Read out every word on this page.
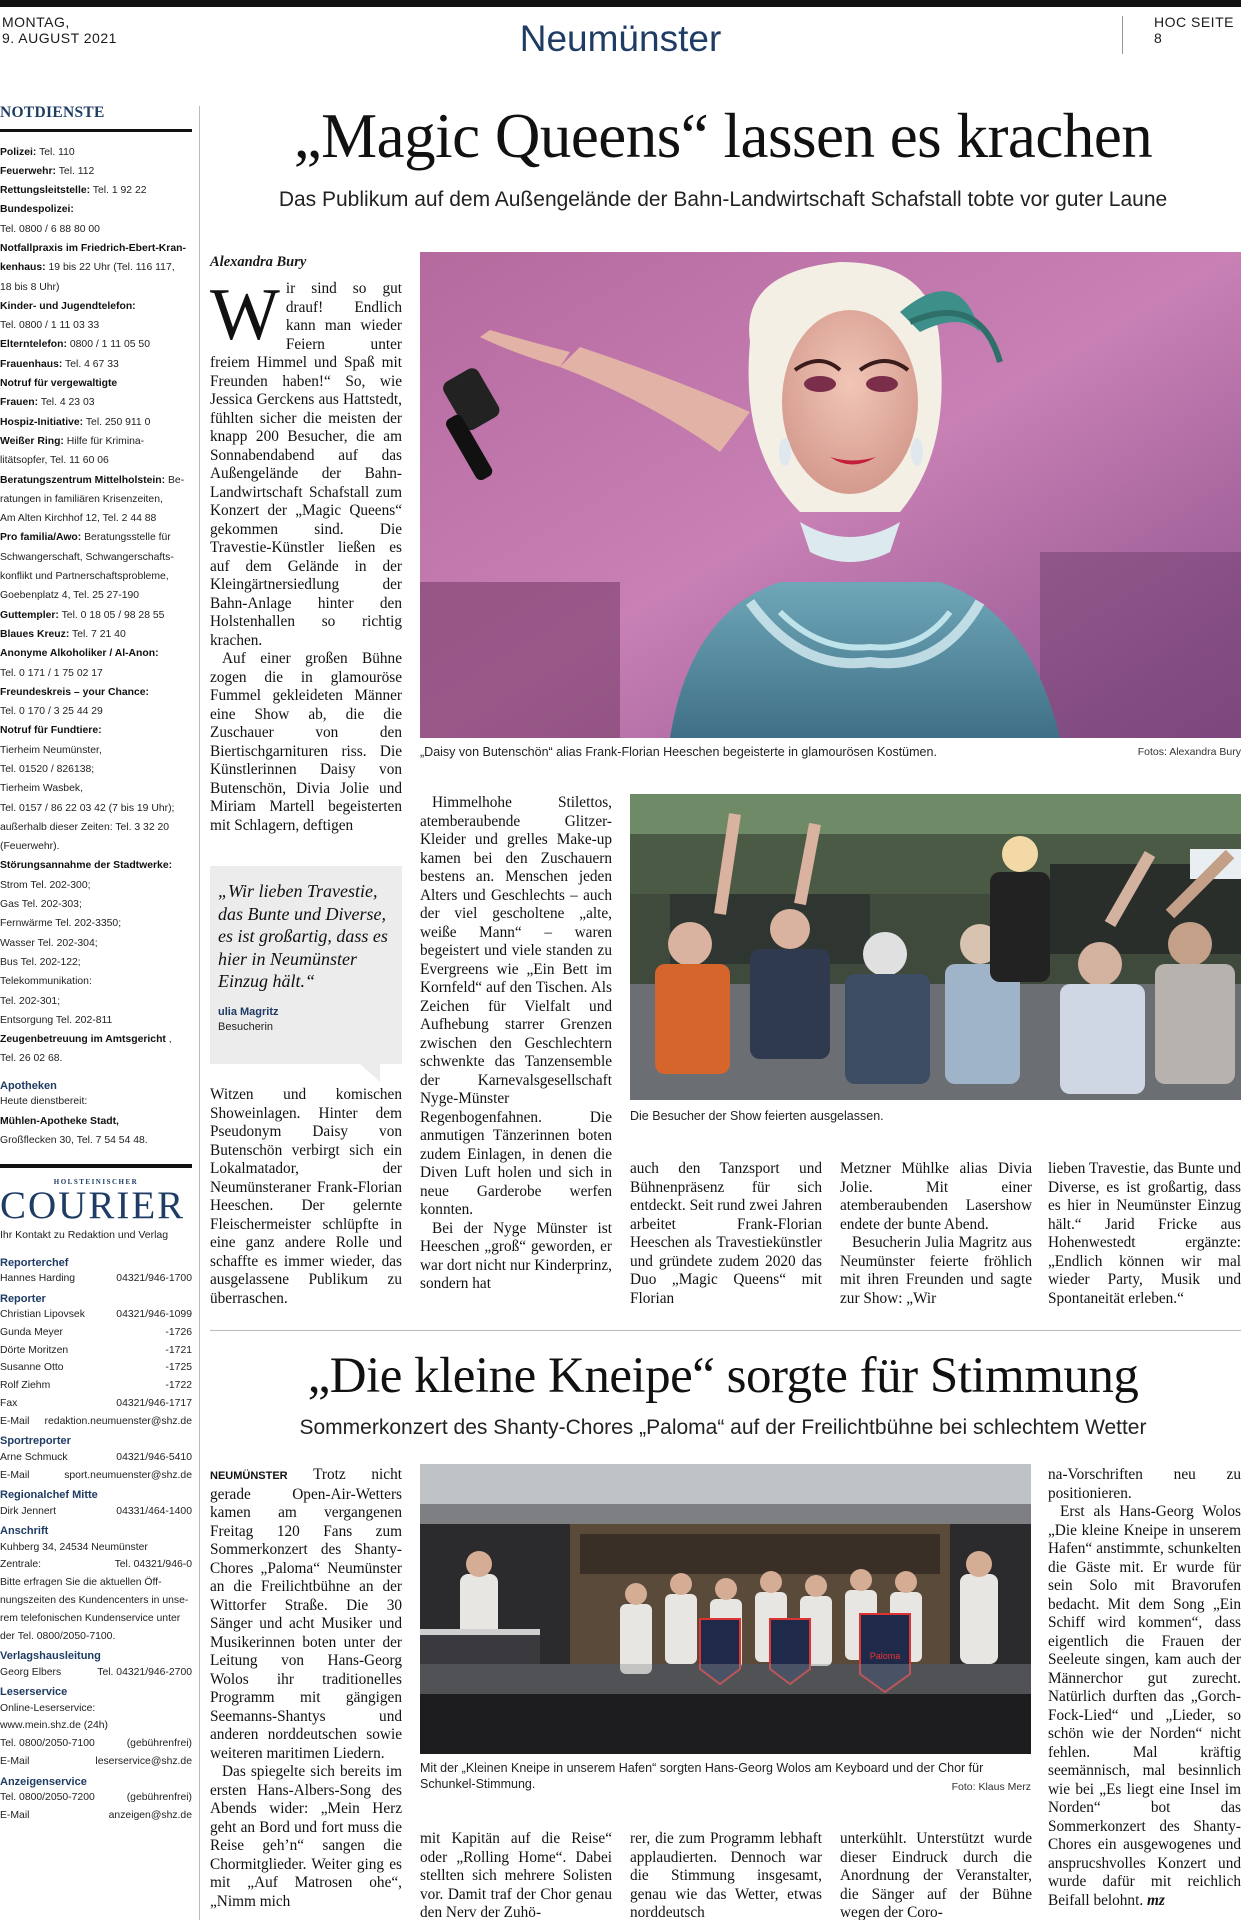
MONTAG,
9. AUGUST 2021	Neumünster	HOC SEITE 8
NOTDIENSTE
Polizei: Tel. 110
Feuerwehr: Tel. 112
Rettungsleitstelle: Tel. 1 92 22
Bundespolizei:
Tel. 0800 / 6 88 80 00
Notfallpraxis im Friedrich-Ebert-Kran-
kenhaus: 19 bis 22 Uhr (Tel. 116 117,
18 bis 8 Uhr)
Kinder- und Jugendtelefon:
Tel. 0800 / 1 11 03 33
Elterntelefon: 0800 / 1 11 05 50
Frauenhaus: Tel. 4 67 33
Notruf für vergewaltigte
Frauen: Tel. 4 23 03
Hospiz-Initiative: Tel. 250 911 0
Weißer Ring: Hilfe für Krimina-
litätsopfer, Tel. 11 60 06
Beratungszentrum Mittelholstein: Be-
ratungen in familiären Krisenzeiten,
Am Alten Kirchhof 12, Tel. 2 44 88
Pro familia/Awo: Beratungsstelle für
Schwangerschaft, Schwangerschafts-
konflikt und Partnerschaftsprobleme,
Goebenplatz 4, Tel. 25 27-190
Guttempler: Tel. 0 18 05 / 98 28 55
Blaues Kreuz: Tel. 7 21 40
Anonyme Alkoholiker / Al-Anon:
Tel. 0 171 / 1 75 02 17
Freundeskreis – your Chance:
Tel. 0 170 / 3 25 44 29
Notruf für Fundtiere:
Tierheim Neumünster,
Tel. 01520 / 826138;
Tierheim Wasbek,
Tel. 0157 / 86 22 03 42 (7 bis 19 Uhr);
außerhalb dieser Zeiten: Tel. 3 32 20
(Feuerwehr).
Störungsannahme der Stadtwerke:
Strom Tel. 202-300;
Gas Tel. 202-303;
Fernwärme Tel. 202-3350;
Wasser Tel. 202-304;
Bus Tel. 202-122;
Telekommunikation:
Tel. 202-301;
Entsorgung Tel. 202-811
Zeugenbetreuung im Amtsgericht ,
Tel. 26 02 68.
Apotheken
Heute dienstbereit:
Mühlen-Apotheke Stadt,
Großflecken 30, Tel. 7 54 54 48.
HOLSTEINISCHER
COURIER
Ihr Kontakt zu Redaktion und Verlag
Reporterchef
Hannes Harding	04321/946-1700
Reporter
Christian Lipovsek	04321/946-1099
Gunda Meyer	-1726
Dörte Moritzen	-1721
Susanne Otto	-1725
Rolf Ziehm	-1722
Fax	04321/946-1717
E-Mail redaktion.neumuenster@shz.de
Sportreporter
Arne Schmuck	04321/946-5410
E-Mail	sport.neumuenster@shz.de
Regionalchef Mitte
Dirk Jennert	04331/464-1400
Anschrift
Kuhberg 34, 24534 Neumünster
Zentrale:	Tel. 04321/946-0
Bitte erfragen Sie die aktuellen Öff-
nungszeiten des Kundencenters in unse-
rem telefonischen Kundenservice unter
der Tel. 0800/2050-7100.
Verlagshausleitung
Georg Elbers	Tel. 04321/946-2700
Leserservice
Online-Leserservice:
www.mein.shz.de (24h)
Tel. 0800/2050-7100	(gebührenfrei)
E-Mail	leserservice@shz.de
Anzeigenservice
Tel. 0800/2050-7200	(gebührenfrei)
E-Mail	anzeigen@shz.de
„Magic Queens“ lassen es krachen
Das Publikum auf dem Außengelände der Bahn-Landwirtschaft Schafstall tobte vor guter Laune
Alexandra Bury

Wir sind so gut drauf! Endlich kann man wieder Feiern unter freiem Himmel und Spaß mit Freunden haben!“ So, wie Jessica Gerckens aus Hattstedt, fühlten sicher die meisten der knapp 200 Besucher, die am Sonnabendabend auf das Außengelände der Bahn-Landwirtschaft Schafstall zum Konzert der „Magic Queens“ gekommen sind. Die Travestie-Künstler ließen es auf dem Gelände in der Kleingärtnersiedlung der Bahn-Anlage hinter den Holstenhallen so richtig krachen.

Auf einer großen Bühne zogen die in glamouröse Fummel gekleideten Männer eine Show ab, die die Zuschauer von den Biertischgarnituren riss. Die Künstlerinnen Daisy von Butenschön, Divia Jolie und Miriam Martell begeisterten mit Schlagern, deftigen

„Wir lieben Travestie, das Bunte und Diverse, es ist großartig, dass es hier in Neumünster Einzug hält.“
ulia Magritz
Besucherin

Witzen und komischen Showeinlagen. Hinter dem Pseudonym Daisy von Butenschön verbirgt sich ein Lokalmatador, der Neumünsteraner Frank-Florian Heeschen. Der gelernte Fleischermeister schlüpfte in eine ganz andere Rolle und schaffte es immer wieder, das ausgelassene Publikum zu überraschen.

„Daisy von Butenschön“ alias Frank-Florian Heeschen begeisterte in glamourösen Kostümen.	Fotos: Alexandra Bury

Himmelhohe Stilettos, atemberaubende Glitzer-Kleider und grelles Make-up kamen bei den Zuschauern bestens an. Menschen jeden Alters und Geschlechts – auch der viel gescholtene „alte, weiße Mann“ – waren begeistert und viele standen zu Evergreens wie „Ein Bett im Kornfeld“ auf den Tischen. Als Zeichen für Vielfalt und Aufhebung starrer Grenzen zwischen den Geschlechtern schwenkte das Tanzensemble der Karnevalsgesellschaft Nyge-Münster Regenbogenfahnen. Die anmutigen Tänzerinnen boten zudem Einlagen, in denen die Diven Luft holen und sich in neue Garderobe werfen konnten.

Bei der Nyge Münster ist Heeschen „groß“ geworden, er war dort nicht nur Kinderprinz, sondern hat

Die Besucher der Show feierten ausgelassen.

auch den Tanzsport und Bühnenpräsenz für sich entdeckt. Seit rund zwei Jahren arbeitet Frank-Florian Heeschen als Travestiekünstler und gründete zudem 2020 das Duo „Magic Queens“ mit Florian

Metzner Mühlke alias Divia Jolie. Mit einer atemberaubenden Lasershow endete der bunte Abend.

Besucherin Julia Magritz aus Neumünster feierte fröhlich mit ihren Freunden und sagte zur Show: „Wir

lieben Travestie, das Bunte und Diverse, es ist großartig, dass es hier in Neumünster Einzug hält.“ Jarid Fricke aus Hohenwestedt ergänzte: „Endlich können wir mal wieder Party, Musik und Spontaneität erleben.“

„Die kleine Kneipe“ sorgte für Stimmung
Sommerkonzert des Shanty-Chores „Paloma“ auf der Freilichtbühne bei schlechtem Wetter

NEUMÜNSTER Trotz nicht gerade Open-Air-Wetters kamen am vergangenen Freitag 120 Fans zum Sommerkonzert des Shanty-Chores „Paloma“ Neumünster an die Freilichtbühne an der Wittorfer Straße. Die 30 Sänger und acht Musiker und Musikerinnen boten unter der Leitung von Hans-Georg Wolos ihr traditionelles Programm mit gängigen Seemanns-Shantys und anderen norddeutschen sowie weiteren maritimen Liedern.

Das spiegelte sich bereits im ersten Hans-Albers-Song des Abends wider: „Mein Herz geht an Bord und fort muss die Reise geh’n“ sangen die Chormitglieder. Weiter ging es mit „Auf Matrosen ohe“, „Nimm mich

Paloma
Mit der „Kleinen Kneipe in unserem Hafen“ sorgten Hans-Georg Wolos am Keyboard und der Chor für Schunkel-Stimmung.	Foto: Klaus Merz

mit Kapitän auf die Reise“ oder „Rolling Home“. Dabei stellten sich mehrere Solisten vor. Damit traf der Chor genau den Nerv der Zuhö-

rer, die zum Programm lebhaft applaudierten. Dennoch war die Stimmung insgesamt, genau wie das Wetter, etwas norddeutsch

unterkühlt. Unterstützt wurde dieser Eindruck durch die Anordnung der Veranstalter, die Sänger auf der Bühne wegen der Coro-

na-Vorschriften neu zu positionieren.

Erst als Hans-Georg Wolos „Die kleine Kneipe in unserem Hafen“ anstimmte, schunkelten die Gäste mit. Er wurde für sein Solo mit Bravorufen bedacht. Mit dem Song „Ein Schiff wird kommen“, dass eigentlich die Frauen der Seeleute singen, kam auch der Männerchor gut zurecht. Natürlich durften das „Gorch-Fock-Lied“ und „Lieder, so schön wie der Norden“ nicht fehlen. Mal kräftig seemännisch, mal besinnlich wie bei „Es liegt eine Insel im Norden“ bot das Sommerkonzert des Shanty-Chores ein ausgewogenes und ansprucshvolles Konzert und wurde dafür mit reichlich Beifall belohnt. mz
